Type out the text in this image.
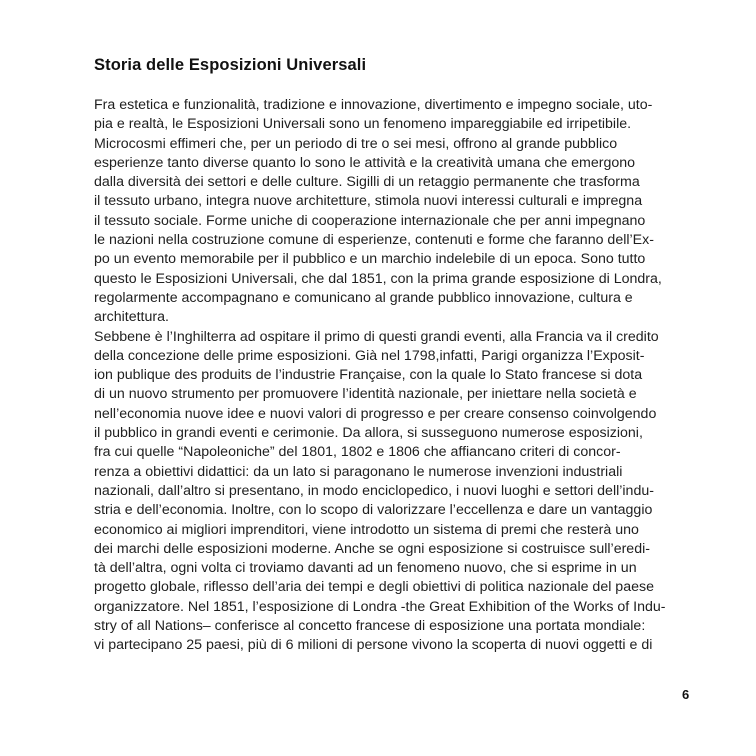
Storia delle Esposizioni Universali
Fra estetica e funzionalità, tradizione e innovazione, divertimento e impegno sociale, uto-
pia e realtà, le Esposizioni Universali sono un fenomeno impareggiabile ed irripetibile.
Microcosmi effimeri che, per un periodo di tre o sei mesi, offrono al grande pubblico
esperienze tanto diverse quanto lo sono le attività e la creatività umana che emergono
dalla diversità dei settori e delle culture. Sigilli di un retaggio permanente che trasforma
il tessuto urbano, integra nuove architetture, stimola nuovi interessi culturali e impregna
il tessuto sociale. Forme uniche di cooperazione internazionale che per anni impegnano
le nazioni nella costruzione comune di esperienze, contenuti e forme che faranno dell’Ex-
po un evento memorabile per il pubblico e un marchio indelebile di un epoca. Sono tutto
questo le Esposizioni Universali, che dal 1851, con la prima grande esposizione di Londra,
regolarmente accompagnano e comunicano al grande pubblico innovazione, cultura e
architettura.
Sebbene è l’Inghilterra ad ospitare il primo di questi grandi eventi, alla Francia va il credito
della concezione delle prime esposizioni. Già nel 1798,infatti, Parigi organizza l’Exposit-
ion publique des produits de l’industrie Française, con la quale lo Stato francese si dota
di un nuovo strumento per promuovere l’identità nazionale, per iniettare nella società e
nell’economia nuove idee e nuovi valori di progresso e per creare consenso coinvolgendo
il pubblico in grandi eventi e cerimonie. Da allora, si susseguono numerose esposizioni,
fra cui quelle “Napoleoniche” del 1801, 1802 e 1806 che affiancano criteri di concor-
renza a obiettivi didattici: da un lato si paragonano le numerose invenzioni industriali
nazionali, dall’altro si presentano, in modo enciclopedico, i nuovi luoghi e settori dell’indu-
stria e dell’economia. Inoltre, con lo scopo di valorizzare l’eccellenza e dare un vantaggio
economico ai migliori imprenditori, viene introdotto un sistema di premi che resterà uno
dei marchi delle esposizioni moderne. Anche se ogni esposizione si costruisce sull’eredi-
tà dell’altra, ogni volta ci troviamo davanti ad un fenomeno nuovo, che si esprime in un
progetto globale, riflesso dell’aria dei tempi e degli obiettivi di politica nazionale del paese
organizzatore. Nel 1851, l’esposizione di Londra -the Great Exhibition of the Works of Indu-
stry of all Nations– conferisce al concetto francese di esposizione una portata mondiale:
vi partecipano 25 paesi, più di 6 milioni di persone vivono la scoperta di nuovi oggetti e di
6
